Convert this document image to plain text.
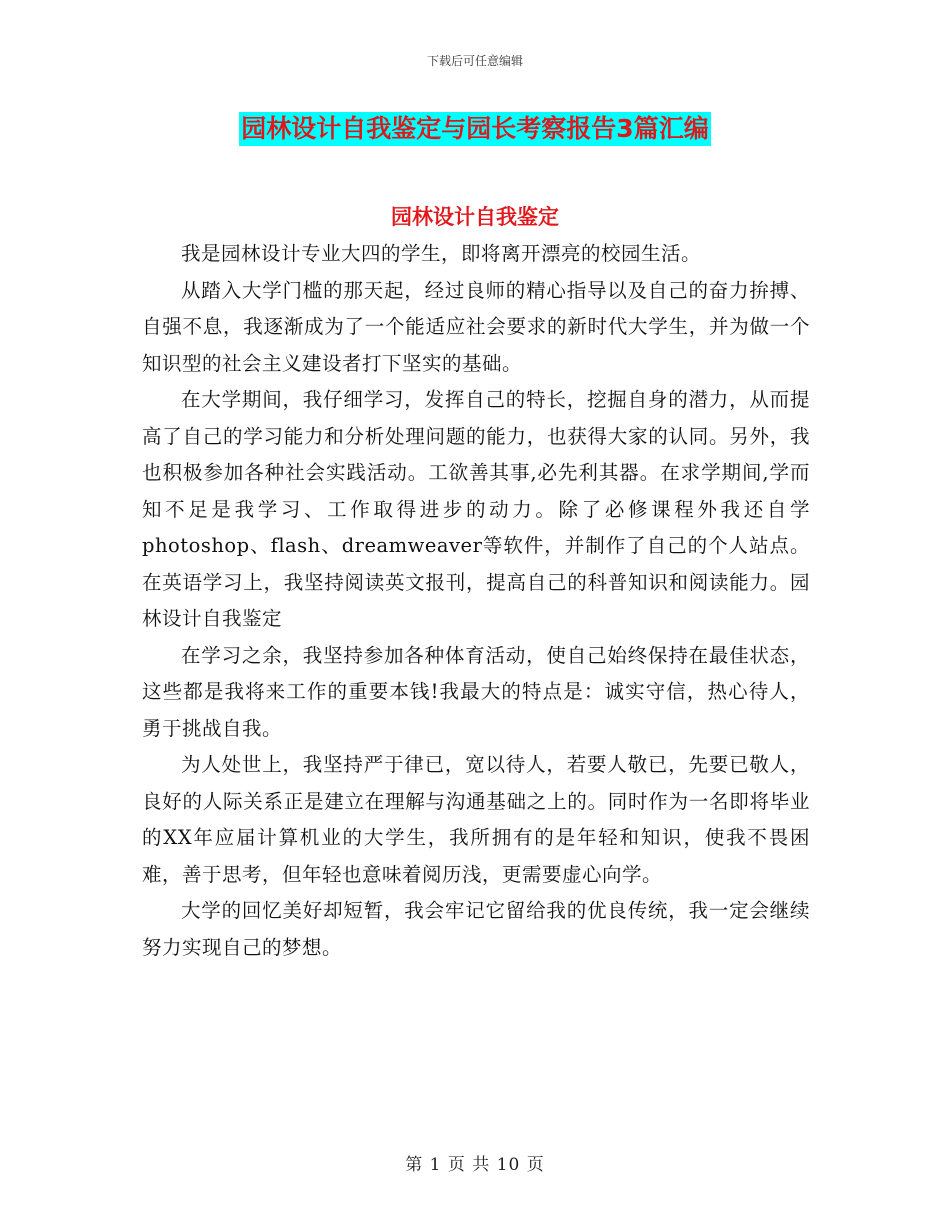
下载后可任意编辑
园林设计自我鉴定与园长考察报告3篇汇编
园林设计自我鉴定

我是园林设计专业大四的学生，即将离开漂亮的校园生活。

从踏入大学门槛的那天起，经过良师的精心指导以及自己的奋力拚搏、自强不息，我逐渐成为了一个能适应社会要求的新时代大学生，并为做一个知识型的社会主义建设者打下坚实的基础。

在大学期间，我仔细学习，发挥自己的特长，挖掘自身的潜力，从而提高了自己的学习能力和分析处理问题的能力，也获得大家的认同。另外，我也积极参加各种社会实践活动。工欲善其事,必先利其器。在求学期间,学而知不足是我学习、工作取得进步的动力。除了必修课程外我还自学photoshop、flash、dreamweaver等软件，并制作了自己的个人站点。在英语学习上，我坚持阅读英文报刊，提高自己的科普知识和阅读能力。园林设计自我鉴定

在学习之余，我坚持参加各种体育活动，使自己始终保持在最佳状态，这些都是我将来工作的重要本钱!我最大的特点是：诚实守信，热心待人，勇于挑战自我。

为人处世上，我坚持严于律已，宽以待人，若要人敬已，先要已敬人，良好的人际关系正是建立在理解与沟通基础之上的。同时作为一名即将毕业的XX年应届计算机业的大学生，我所拥有的是年轻和知识，使我不畏困难，善于思考，但年轻也意味着阅历浅，更需要虚心向学。

大学的回忆美好却短暂，我会牢记它留给我的优良传统，我一定会继续努力实现自己的梦想。

第 1 页 共 10 页
